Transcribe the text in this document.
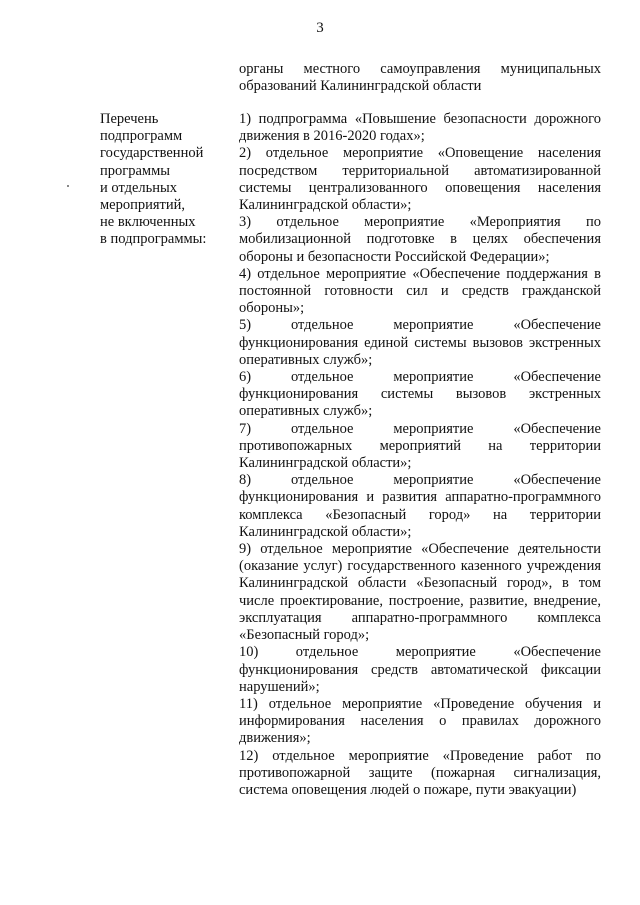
3
органы местного самоуправления муниципальных образований Калининградской области
Перечень
подпрограмм
государственной
программы
и отдельных
мероприятий,
не включенных
в подпрограммы:

1) подпрограмма «Повышение безопасности дорожного движения в 2016-2020 годах»;

2) отдельное мероприятие «Оповещение населения посредством территориальной автоматизированной системы централизованного оповещения населения Калининградской области»;

3) отдельное мероприятие «Мероприятия по мобилизационной подготовке в целях обеспечения обороны и безопасности Российской Федерации»;

4) отдельное мероприятие «Обеспечение поддержания в постоянной готовности сил и средств гражданской обороны»;

5) отдельное мероприятие «Обеспечение функционирования единой системы вызовов экстренных оперативных служб»;

6) отдельное мероприятие «Обеспечение функционирования системы вызовов экстренных оперативных служб»;

7) отдельное мероприятие «Обеспечение противопожарных мероприятий на территории Калининградской области»;

8) отдельное мероприятие «Обеспечение функционирования и развития аппаратно-программного комплекса «Безопасный город» на территории Калининградской области»;

9) отдельное мероприятие «Обеспечение деятельности (оказание услуг) государственного казенного учреждения Калининградской области «Безопасный город», в том числе проектирование, построение, развитие, внедрение, эксплуатация аппаратно-программного комплекса «Безопасный город»;

10) отдельное мероприятие «Обеспечение функционирования средств автоматической фиксации нарушений»;

11) отдельное мероприятие «Проведение обучения и информирования населения о правилах дорожного движения»;

12) отдельное мероприятие «Проведение работ по противопожарной защите (пожарная сигнализация, система оповещения людей о пожаре, пути эвакуации)
